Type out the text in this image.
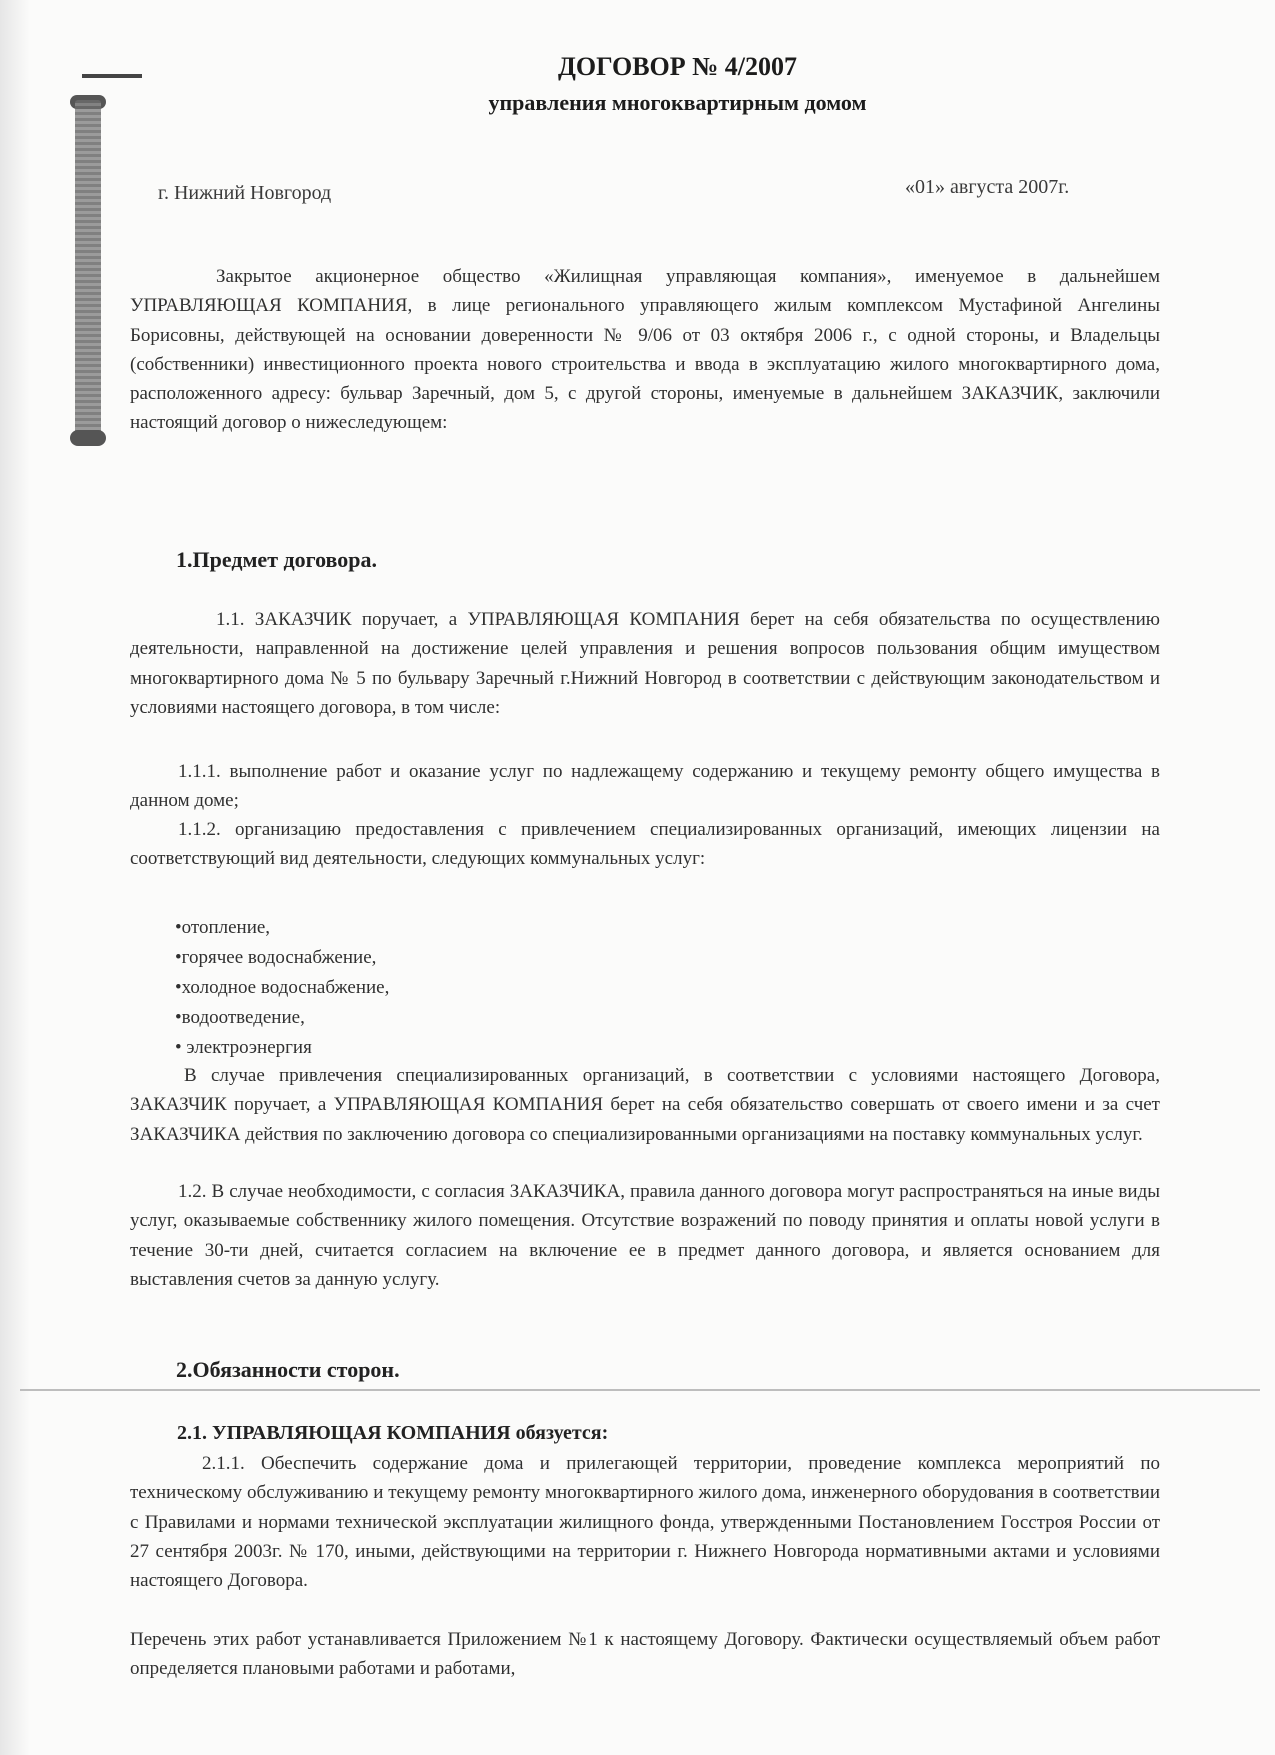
ДОГОВОР № 4/2007
управления многоквартирным домом
г. Нижний Новгород	«01» августа 2007г.
Закрытое акционерное общество «Жилищная управляющая компания», именуемое в дальнейшем УПРАВЛЯЮЩАЯ КОМПАНИЯ, в лице регионального управляющего жилым комплексом Мустафиной Ангелины Борисовны, действующей на основании доверенности № 9/06 от 03 октября 2006 г., с одной стороны, и Владельцы (собственники) инвестиционного проекта нового строительства и ввода в эксплуатацию жилого многоквартирного дома, расположенного адресу: бульвар Заречный, дом 5, с другой стороны, именуемые в дальнейшем ЗАКАЗЧИК, заключили настоящий договор о нижеследующем:
1.Предмет договора.
1.1. ЗАКАЗЧИК поручает, а УПРАВЛЯЮЩАЯ КОМПАНИЯ берет на себя обязательства по осуществлению деятельности, направленной на достижение целей управления и решения вопросов пользования общим имуществом многоквартирного дома № 5 по бульвару Заречный г.Нижний Новгород в соответствии с действующим законодательством и условиями настоящего договора, в том числе:
1.1.1. выполнение работ и оказание услуг по надлежащему содержанию и текущему ремонту общего имущества в данном доме;
1.1.2. организацию предоставления с привлечением специализированных организаций, имеющих лицензии на соответствующий вид деятельности, следующих коммунальных услуг:
•отопление,
•горячее водоснабжение,
•холодное водоснабжение,
•водоотведение,
• электроэнергия
В случае привлечения специализированных организаций, в соответствии с условиями настоящего Договора, ЗАКАЗЧИК поручает, а УПРАВЛЯЮЩАЯ КОМПАНИЯ берет на себя обязательство совершать от своего имени и за счет ЗАКАЗЧИКА действия по заключению договора со специализированными организациями на поставку коммунальных услуг.
1.2. В случае необходимости, с согласия ЗАКАЗЧИКА, правила данного договора могут распространяться на иные виды услуг, оказываемые собственнику жилого помещения. Отсутствие возражений по поводу принятия и оплаты новой услуги в течение 30-ти дней, считается согласием на включение ее в предмет данного договора, и является основанием для выставления счетов за данную услугу.
2.Обязанности сторон.
2.1. УПРАВЛЯЮЩАЯ КОМПАНИЯ обязуется:
2.1.1. Обеспечить содержание дома и прилегающей территории, проведение комплекса мероприятий по техническому обслуживанию и текущему ремонту многоквартирного жилого дома, инженерного оборудования в соответствии с Правилами и нормами технической эксплуатации жилищного фонда, утвержденными Постановлением Госстроя России от 27 сентября 2003г. № 170, иными, действующими на территории г. Нижнего Новгорода нормативными актами и условиями настоящего Договора.
Перечень этих работ устанавливается Приложением №1 к настоящему Договору. Фактически осуществляемый объем работ определяется плановыми работами и работами,
